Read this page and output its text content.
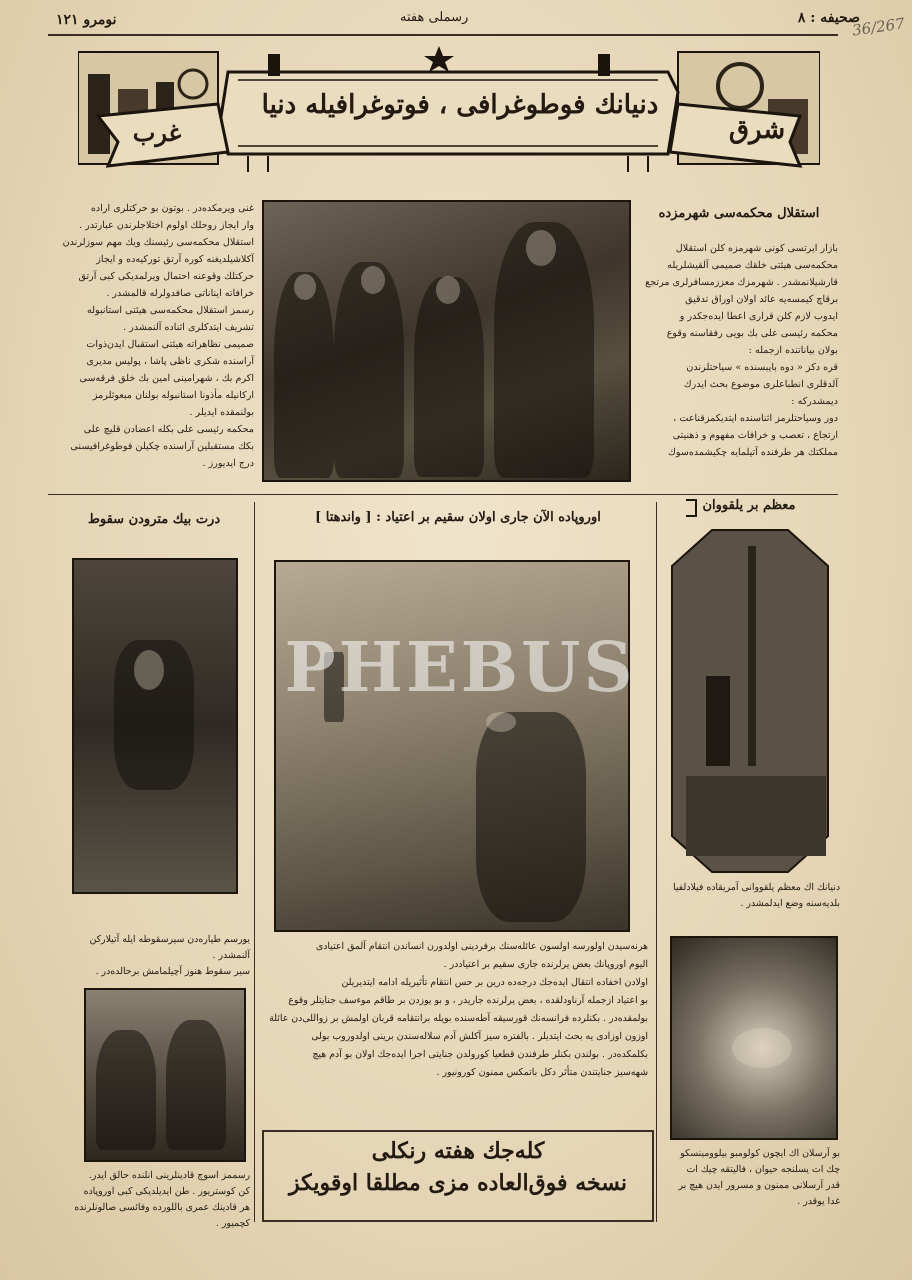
صحيفه : ٨
رسملى هفته
نومرو ١٢١	36/267
دنيانك فوطوغرافى ، فوتوغرافيله دنيا
شرق
غرب
غنى ويرمكده‌در . بوتون بو حركتلرى اراده
وار ايجاز روحلك اولوم اختلاجلرندن عبارتدر .
استقلال محكمه‌سى رئيسنك ويك مهم سوزلرندن
آكلاشيلديغنه كوره آرتق توركيه‌ده و ايجاز
حركتلك وقوعنه احتمال ويرلمديكى كبى آرتق
خرافاته ايناناتى صافدولرله قالمشدر .
رسمز استقلال محكمه‌سى هيئتى استانبوله
تشريف ايتدكلرى اثناده آلنمشدر .
صميمى نظاهراته هيئتى استقبال ايدن‌ذوات
آراسنده شكرى ناظى پاشا ، پوليس مديرى
اكرم بك ، شهرامينى امين بك خلق فرقه‌سى
اركانيله مأذونا استانبوله بولنان مبعوثلرمز
بولنمقده ايديلر .
محكمه رئيسى على بكله اعضادن قليچ على
بكك مستقبلين آراسنده چكيلن فوطوغرافيسنى
درج ايديورز .
استقلال محكمه‌سى شهرمزده
بازار ايرتسى كونى شهرمزه كلن استقلال
محكمه‌سى هيئتى خلقك صميمى آلقيشلريله
قارشيلانمشدر . شهرمزك معززمسافرلرى مرتجع
برقاچ كيمسه‌يه عائد اولان اوراق تدقيق
ايدوب لازم كلن قرارى اعطا ايده‌جكدر و
محكمه رئيسى على بك بويى رفقاسنه وقوع
بولان بياناتنده ازجمله :
قره دكز « دوه بايبسنده » سياحتلرندن
آلدقلرى انطباعلرى موضوع بحث ايدرك
ديمشدركه :
دور وسياحتلرمز اثناسنده ايتديكمزقناعت ،
ارتجاع ، تعصب و خرافات مفهوم و ذهنيتى
مملكتك هر طرفنده آتيلمايه چكيشمده‌سوك
درت بيك مترودن سقوط
يورسم طياره‌دن سيرسقوطه ايله آتيلاركن آلنمشدر .
سير سقوط هنوز آچيلمامش برحالده‌در .
رسممز اسوچ قادينلرينى انلنده حالق ايدر.
كن كوستريور . طن ايديلديكى كبى اوروپاده
هر قادينك عمرى باللورده وفائسى صالونلرنده
كچميور .
اوروپاده الآن جارى اولان سقيم بر اعتياد : [ واندهتا ]
هرنه‌سيدن اولورسه اولسون عائله‌سنك برفردينى اولدورن انساندن انتقام آلمق اعتيادى
اليوم اوروپانك بعض يرلرنده جارى سقيم بر اعتياددر .
اولادن اخفاده انتقال ايده‌جك درجه‌ده درين بر حس انتقام تأثيريله ادامه ايتديريلن
بو اعتياد ازجمله آرناودلقده ، بعض يرلرنده جاريدر ، و بو يوزدن بر طاقم موءسف جنايتلر وقوع
بولمقده‌در . بكنلرده فرانسه‌نك قورسيقه آطه‌سنده بويله برانتقامه قربان اولمش بر زواللى‌دن عائلة
اوزون اوزادى يه بحث ايتديلر . بالفتره سيز آكلش آدم سلاله‌سندن برينى اولدوروب بولى
بكلمكده‌در . بولندن بكنلر طرفندن قطعيا كورولدن جنايتى اجرا ايده‌جك اولان بو آدم هيچ
شهه‌سيز جنايتندن متأثر دكل باتمكس ممنون كورونيور .
كله‌جك هفته رنكلى
نسخه‌ فوق‌العاده‌ مزى مطلقا اوقويكز
معظم بر يلقووان
دنيانك اك معظم يلقووانى آمريقاده فيلادلفيا
بلديه‌سنه وضع ايدلمشدر .
بو آرسلان اك ايچون كولومبو بيلوومينسكو
چك ات يسلنجه حيوان ، فاليتقه چيك ات
قدر آرسلانى ممنون و مسرور ايدن هيچ بر
غدا يوقدر .
PHEBUS
